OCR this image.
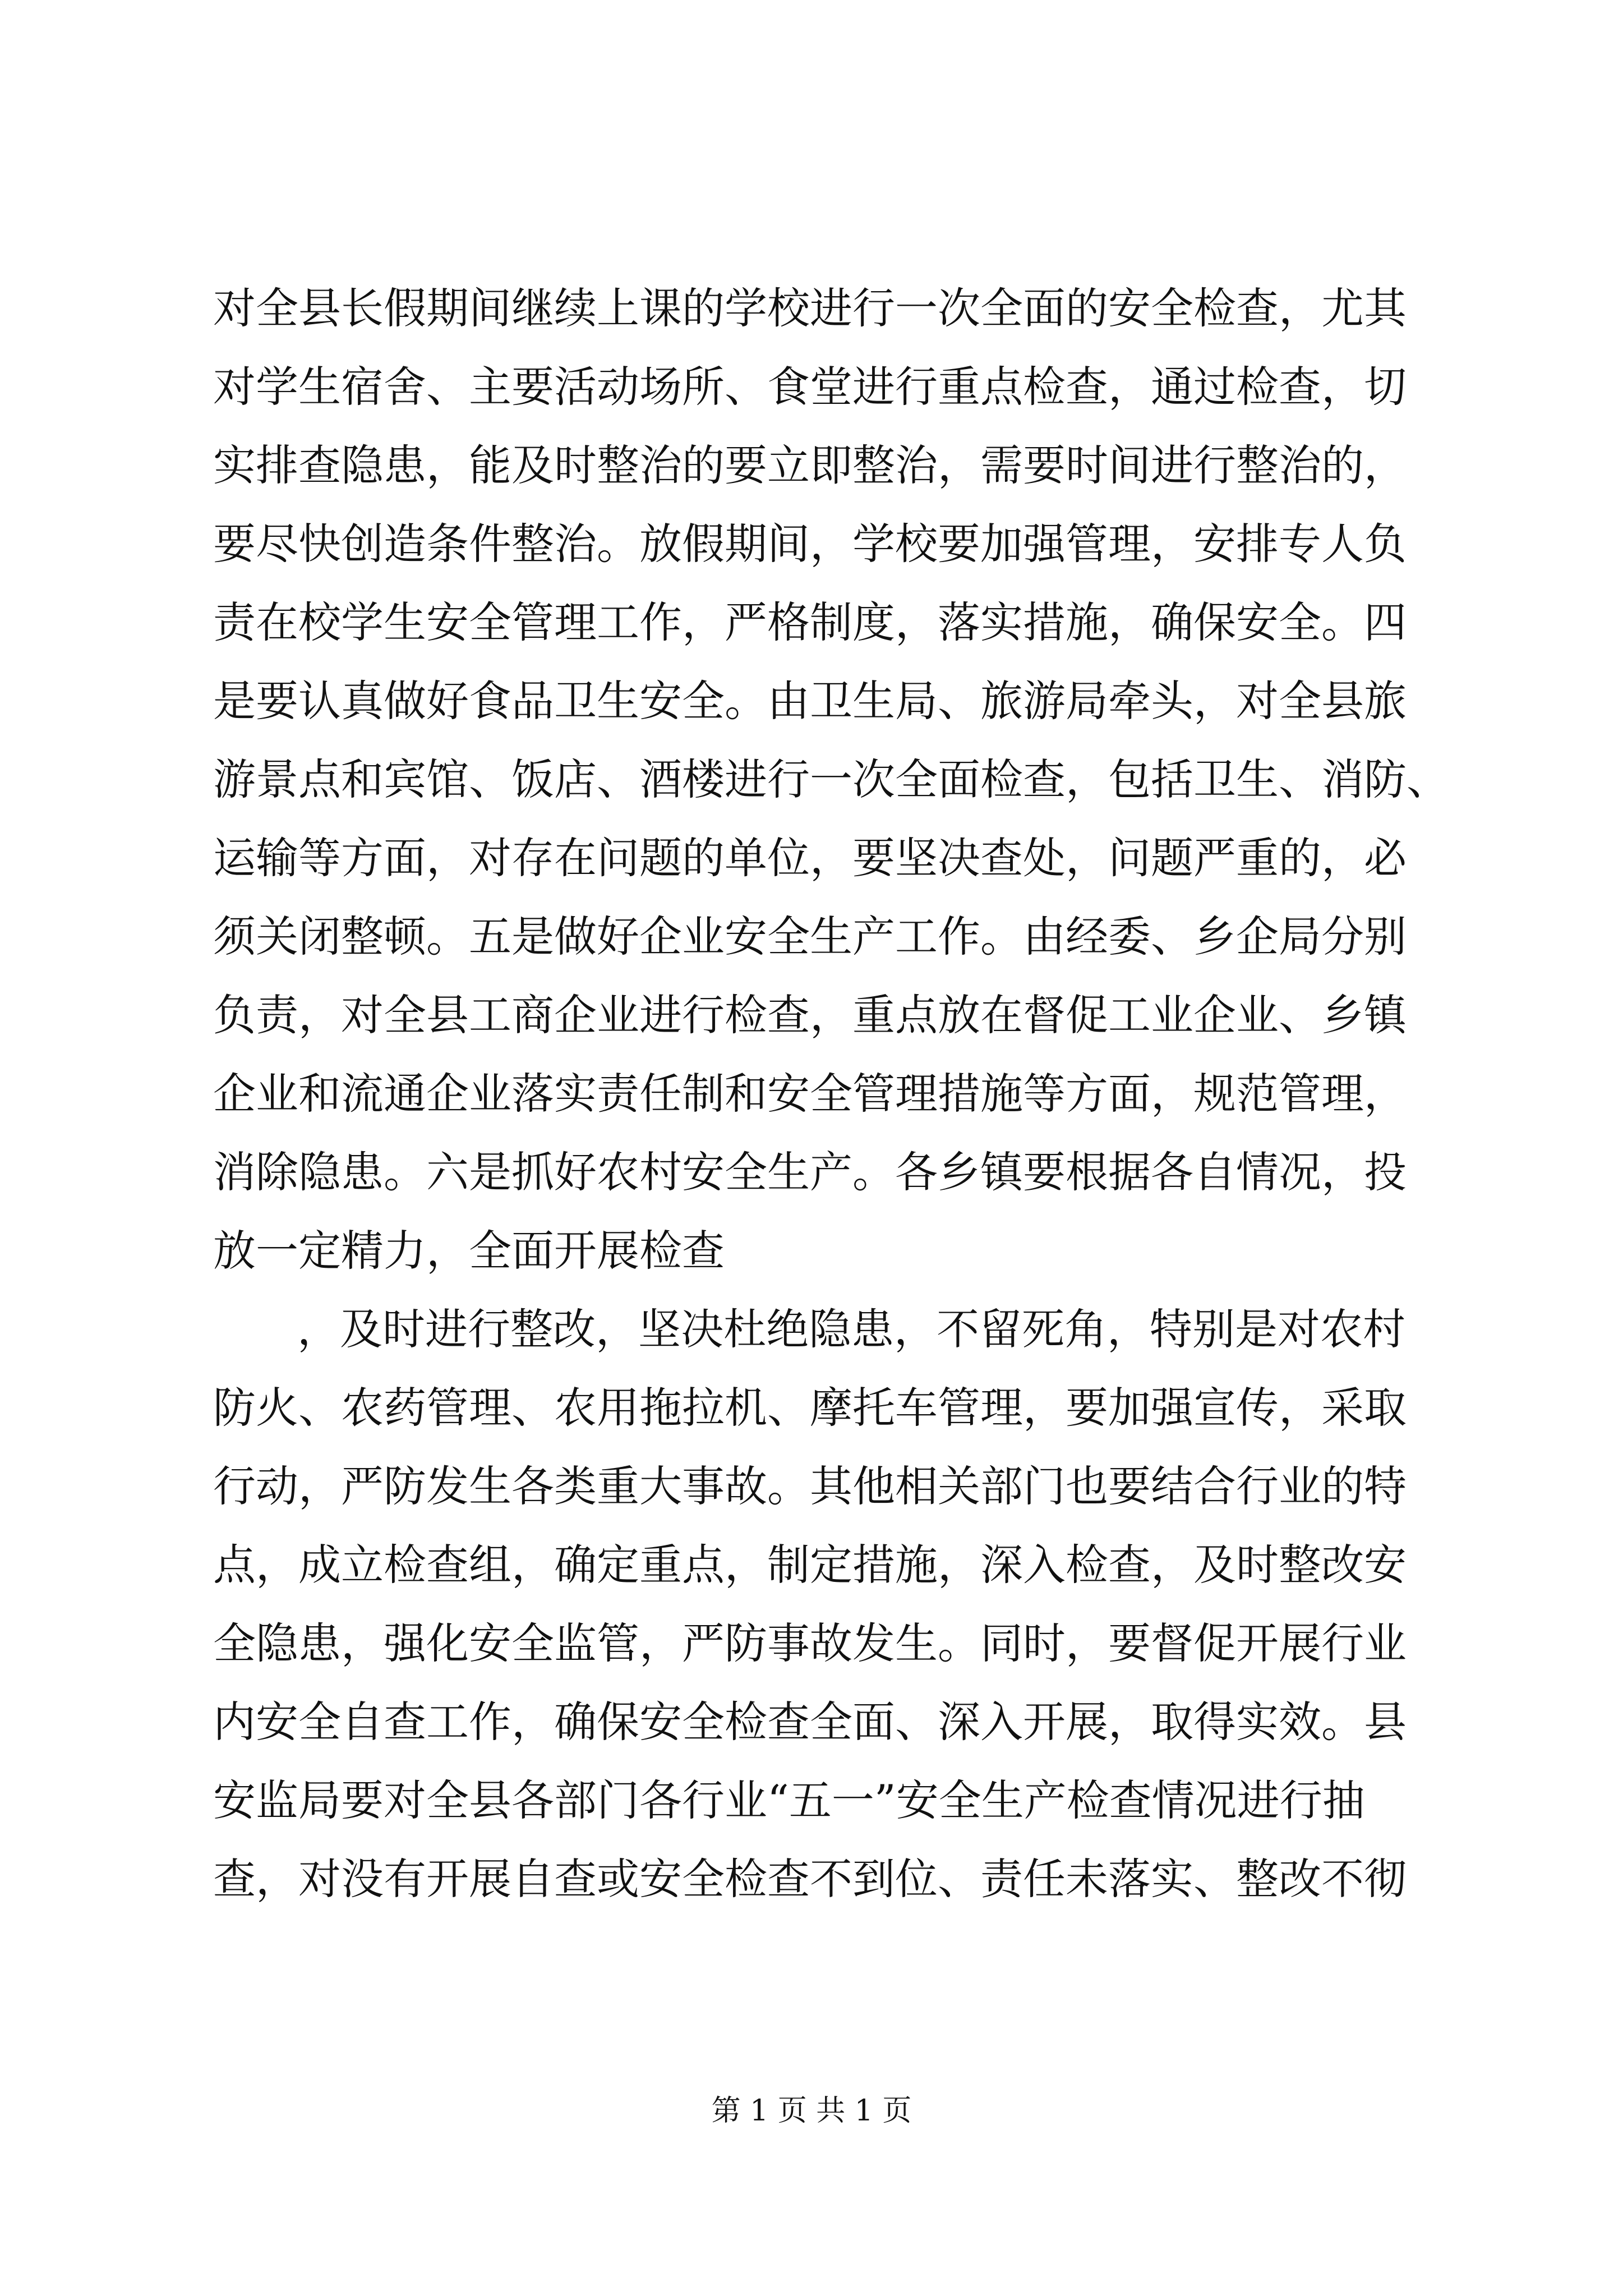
对全县长假期间继续上课的学校进行一次全面的安全检查，尤其
对学生宿舍、主要活动场所、食堂进行重点检查，通过检查，切
实排查隐患，能及时整治的要立即整治，需要时间进行整治的，
要尽快创造条件整治。放假期间，学校要加强管理，安排专人负
责在校学生安全管理工作，严格制度，落实措施，确保安全。四
是要认真做好食品卫生安全。由卫生局、旅游局牵头，对全县旅
游景点和宾馆、饭店、酒楼进行一次全面检查，包括卫生、消防、
运输等方面，对存在问题的单位，要坚决查处，问题严重的，必
须关闭整顿。五是做好企业安全生产工作。由经委、乡企局分别
负责，对全县工商企业进行检查，重点放在督促工业企业、乡镇
企业和流通企业落实责任制和安全管理措施等方面，规范管理，
消除隐患。六是抓好农村安全生产。各乡镇要根据各自情况，投
放一定精力，全面开展检查
，及时进行整改，坚决杜绝隐患，不留死角，特别是对农村
防火、农药管理、农用拖拉机、摩托车管理，要加强宣传，采取
行动，严防发生各类重大事故。其他相关部门也要结合行业的特
点，成立检查组，确定重点，制定措施，深入检查，及时整改安
全隐患，强化安全监管，严防事故发生。同时，要督促开展行业
内安全自查工作，确保安全检查全面、深入开展，取得实效。县
安监局要对全县各部门各行业“五一”安全生产检查情况进行抽
查，对没有开展自查或安全检查不到位、责任未落实、整改不彻
第 1 页 共 1 页
